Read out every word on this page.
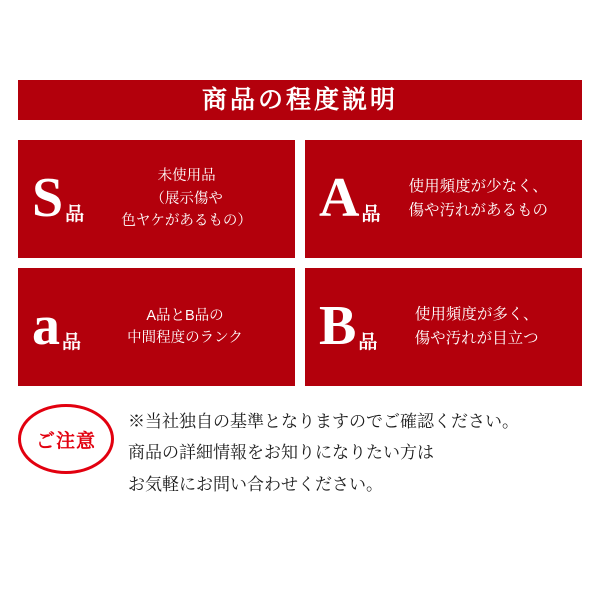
商品の程度説明
S 品
未使用品
（展示傷や
色ヤケがあるもの）	A 品
使用頻度が少なく、
傷や汚れがあるもの
a 品
A品とB品の
中間程度のランク	B 品
使用頻度が多く、
傷や汚れが目立つ
ご注意
※当社独自の基準となりますのでご確認ください。
商品の詳細情報をお知りになりたい方は
お気軽にお問い合わせください。
